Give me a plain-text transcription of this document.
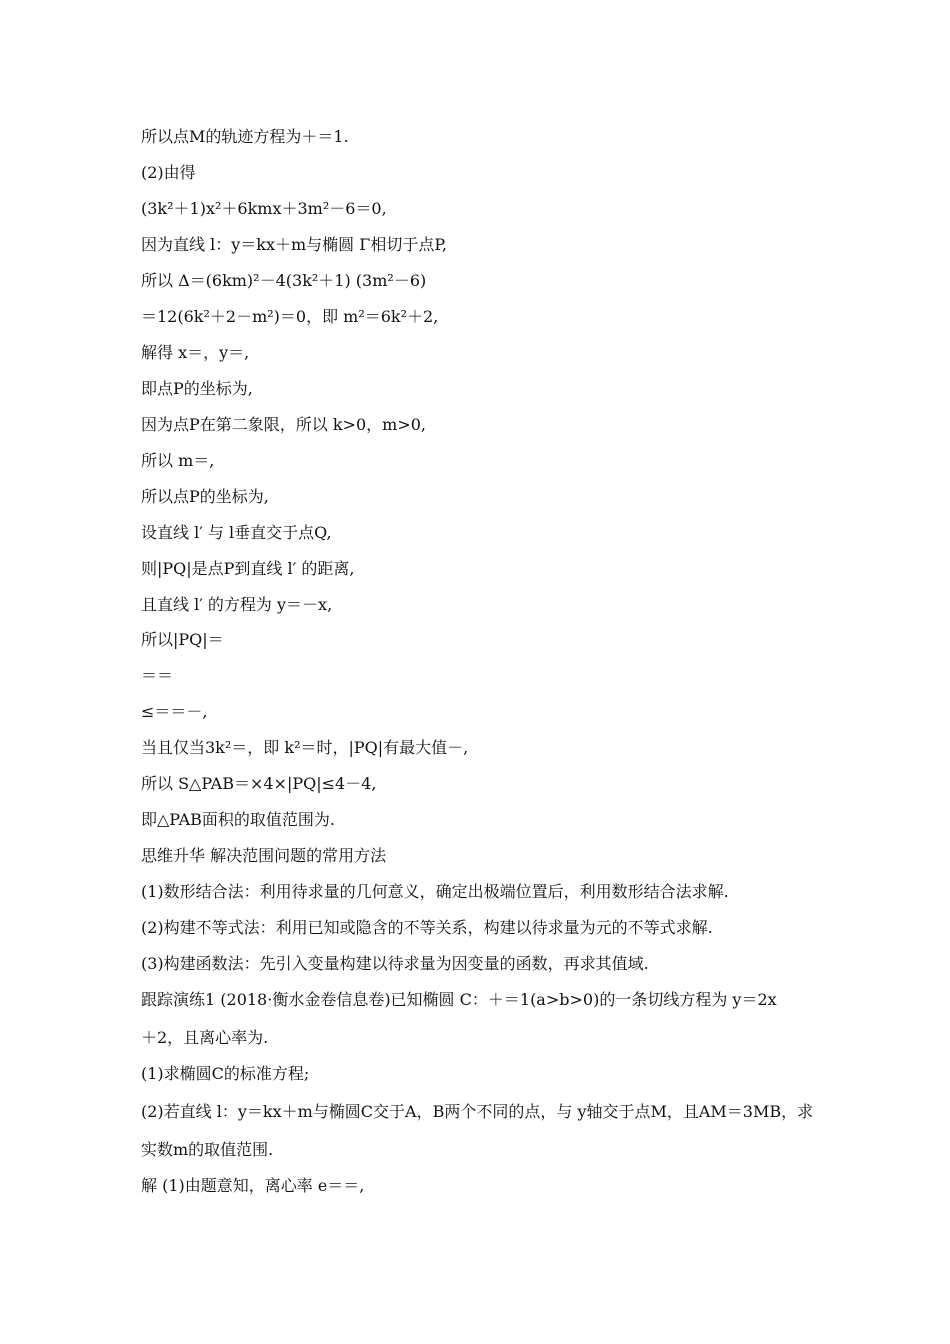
所以点M的轨迹方程为＋＝1.
(2)由得
(3k²＋1)x²＋6kmx＋3m²－6＝0,
因为直线 l：y＝kx＋m与椭圆 Γ相切于点P,
所以 Δ＝(6km)²－4(3k²＋1) (3m²－6)
＝12(6k²＋2－m²)＝0，即 m²＝6k²＋2,
解得 x＝，y＝,
即点P的坐标为,
因为点P在第二象限，所以 k>0，m>0,
所以 m＝,
所以点P的坐标为,
设直线 l′ 与 l垂直交于点Q,
则|PQ|是点P到直线 l′ 的距离,
且直线 l′ 的方程为 y＝－x,
所以|PQ|＝
＝＝
≤＝＝－,
当且仅当3k²＝，即 k²＝时，|PQ|有最大值－,
所以 S△PAB＝×4×|PQ|≤4－4,
即△PAB面积的取值范围为.
思维升华 解决范围问题的常用方法
(1)数形结合法：利用待求量的几何意义，确定出极端位置后，利用数形结合法求解.
(2)构建不等式法：利用已知或隐含的不等关系，构建以待求量为元的不等式求解.
(3)构建函数法：先引入变量构建以待求量为因变量的函数，再求其值域.
跟踪演练1 (2018·衡水金卷信息卷)已知椭圆 C：＋＝1(a>b>0)的一条切线方程为 y＝2x
＋2，且离心率为.
(1)求椭圆C的标准方程;
(2)若直线 l：y＝kx＋m与椭圆C交于A，B两个不同的点，与 y轴交于点M，且AM＝3MB，求
实数m的取值范围.
解 (1)由题意知，离心率 e＝＝,
